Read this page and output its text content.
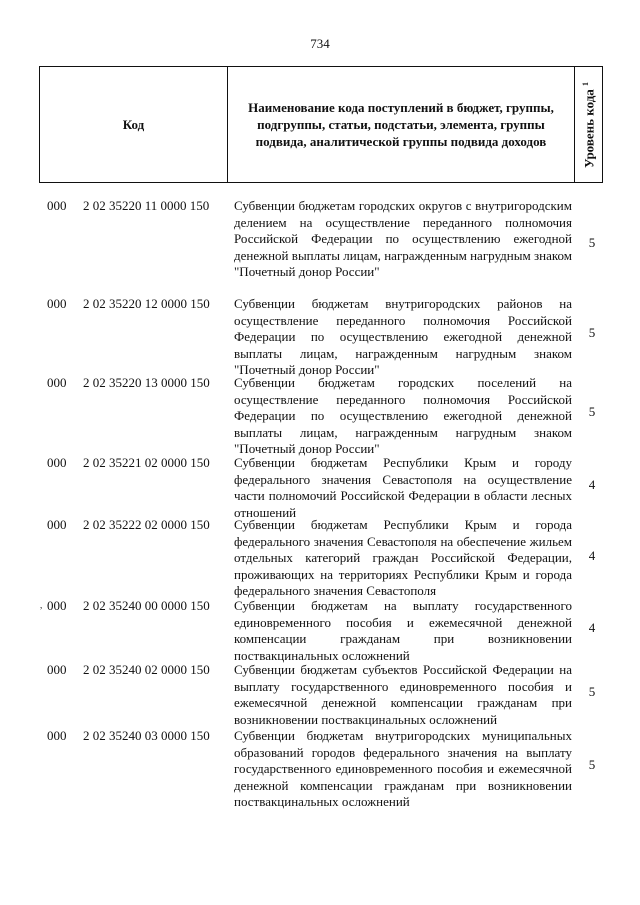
734
Код
Наименование кода поступлений в бюджет, группы, подгруппы, статьи, подстатьи, элемента, группы подвида, аналитической группы подвида доходов	Уровень кода $^1$
000 2 02 35220 11 0000 150 Субвенции бюджетам городских округов с внутригородским делением на осуществление переданного полномочия Российской Федерации по осуществлению ежегодной денежной выплаты лицам, награжденным нагрудным знаком "Почетный донор России"
5
000 2 02 35220 12 0000 150 Субвенции бюджетам внутригородских районов на осуществление переданного полномочия Российской Федерации по осуществлению ежегодной денежной выплаты лицам, награжденным нагрудным знаком "Почетный донор России"
5
000 2 02 35220 13 0000 150 Субвенции бюджетам городских поселений на осуществление переданного полномочия Российской Федерации по осуществлению ежегодной денежной выплаты лицам, награжденным нагрудным знаком "Почетный донор России"
5
000 2 02 35221 02 0000 150 Субвенции бюджетам Республики Крым и городу федерального значения Севастополя на осуществление части полномочий Российской Федерации в области лесных отношений
4
000 2 02 35222 02 0000 150 Субвенции бюджетам Республики Крым и города федерального значения Севастополя на обеспечение жильем отдельных категорий граждан Российской Федерации, проживающих на территориях Республики Крым и города федерального значения Севастополя
4
, 000 2 02 35240 00 0000 150 Субвенции бюджетам на выплату государственного единовременного пособия и ежемесячной денежной компенсации гражданам при возникновении поствакцинальных осложнений
4
000 2 02 35240 02 0000 150 Субвенции бюджетам субъектов Российской Федерации на выплату государственного единовременного пособия и ежемесячной денежной компенсации гражданам при возникновении поствакцинальных осложнений
5
000 2 02 35240 03 0000 150 Субвенции бюджетам внутригородских муниципальных образований городов федерального значения на выплату государственного единовременного пособия и ежемесячной денежной компенсации гражданам при возникновении поствакцинальных осложнений
5
